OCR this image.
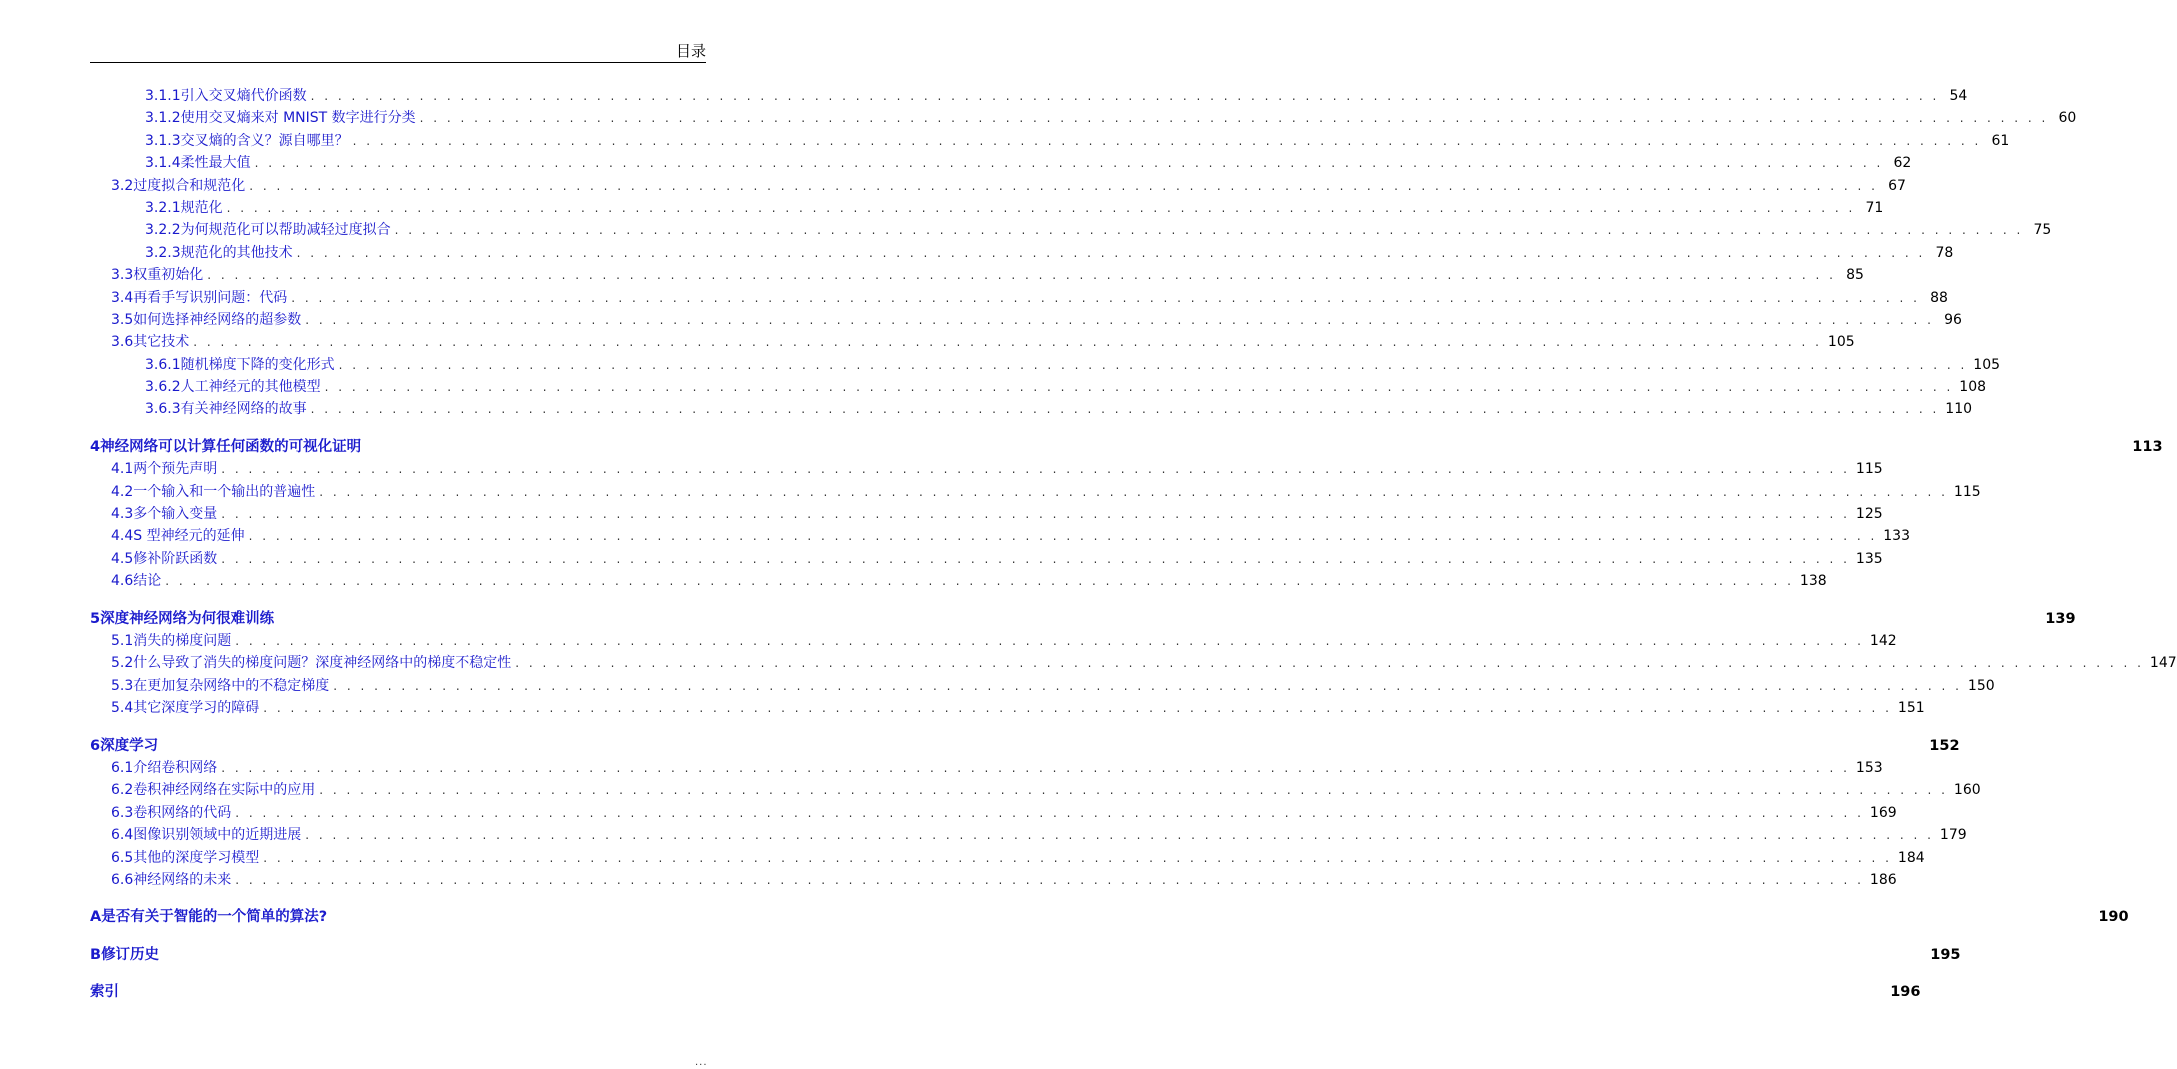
目录
3.1.1 引入交叉熵代价函数 . . . . . . . . . . . . . . . . . . . . . . . . . . . . . . . . . . . . . . . . . . . . . . . . . . . . . . . . . . . . . . . . . . . . . . . . . . . . . . . . . . . . . . . . . . . . . . . . . . . . . . . . . . . . . . . . . . . . . . . . 54
3.1.2 使用交叉熵来对 MNIST 数字进行分类 . . . . . . . . . . . . . . . . . . . . . . . . . . . . . . . . . . . . . . . . . . . . . . . . . . . . . . . . . . . . . . . . . . . . . . . . . . . . . . . . . . . . . . . . . . . . . . . . . . . . . . . . . . . . . . . . . . . . . . . . 60
3.1.3 交叉熵的含义？源自哪里？ . . . . . . . . . . . . . . . . . . . . . . . . . . . . . . . . . . . . . . . . . . . . . . . . . . . . . . . . . . . . . . . . . . . . . . . . . . . . . . . . . . . . . . . . . . . . . . . . . . . . . . . . . . . . . . . . . . . . . . . . 61
3.1.4 柔性最大值 . . . . . . . . . . . . . . . . . . . . . . . . . . . . . . . . . . . . . . . . . . . . . . . . . . . . . . . . . . . . . . . . . . . . . . . . . . . . . . . . . . . . . . . . . . . . . . . . . . . . . . . . . . . . . . . . . . . . . . . . 62
3.2 过度拟合和规范化 . . . . . . . . . . . . . . . . . . . . . . . . . . . . . . . . . . . . . . . . . . . . . . . . . . . . . . . . . . . . . . . . . . . . . . . . . . . . . . . . . . . . . . . . . . . . . . . . . . . . . . . . . . . . . . . . . . . . . . . . 67
3.2.1 规范化 . . . . . . . . . . . . . . . . . . . . . . . . . . . . . . . . . . . . . . . . . . . . . . . . . . . . . . . . . . . . . . . . . . . . . . . . . . . . . . . . . . . . . . . . . . . . . . . . . . . . . . . . . . . . . . . . . . . . . . . . 71
3.2.2 为何规范化可以帮助减轻过度拟合 . . . . . . . . . . . . . . . . . . . . . . . . . . . . . . . . . . . . . . . . . . . . . . . . . . . . . . . . . . . . . . . . . . . . . . . . . . . . . . . . . . . . . . . . . . . . . . . . . . . . . . . . . . . . . . . . . . . . . . . . 75
3.2.3 规范化的其他技术 . . . . . . . . . . . . . . . . . . . . . . . . . . . . . . . . . . . . . . . . . . . . . . . . . . . . . . . . . . . . . . . . . . . . . . . . . . . . . . . . . . . . . . . . . . . . . . . . . . . . . . . . . . . . . . . . . . . . . . . . 78
3.3 权重初始化 . . . . . . . . . . . . . . . . . . . . . . . . . . . . . . . . . . . . . . . . . . . . . . . . . . . . . . . . . . . . . . . . . . . . . . . . . . . . . . . . . . . . . . . . . . . . . . . . . . . . . . . . . . . . . . . . . . . . . . . . 85
3.4 再看手写识别问题：代码 . . . . . . . . . . . . . . . . . . . . . . . . . . . . . . . . . . . . . . . . . . . . . . . . . . . . . . . . . . . . . . . . . . . . . . . . . . . . . . . . . . . . . . . . . . . . . . . . . . . . . . . . . . . . . . . . . . . . . . . . 88
3.5 如何选择神经网络的超参数 . . . . . . . . . . . . . . . . . . . . . . . . . . . . . . . . . . . . . . . . . . . . . . . . . . . . . . . . . . . . . . . . . . . . . . . . . . . . . . . . . . . . . . . . . . . . . . . . . . . . . . . . . . . . . . . . . . . . . . . . 96
3.6 其它技术 . . . . . . . . . . . . . . . . . . . . . . . . . . . . . . . . . . . . . . . . . . . . . . . . . . . . . . . . . . . . . . . . . . . . . . . . . . . . . . . . . . . . . . . . . . . . . . . . . . . . . . . . . . . . . . . . . . . . . . . . 105
3.6.1 随机梯度下降的变化形式 . . . . . . . . . . . . . . . . . . . . . . . . . . . . . . . . . . . . . . . . . . . . . . . . . . . . . . . . . . . . . . . . . . . . . . . . . . . . . . . . . . . . . . . . . . . . . . . . . . . . . . . . . . . . . . . . . . . . . . . . 105
3.6.2 人工神经元的其他模型 . . . . . . . . . . . . . . . . . . . . . . . . . . . . . . . . . . . . . . . . . . . . . . . . . . . . . . . . . . . . . . . . . . . . . . . . . . . . . . . . . . . . . . . . . . . . . . . . . . . . . . . . . . . . . . . . . . . . . . . . 108
3.6.3 有关神经网络的故事 . . . . . . . . . . . . . . . . . . . . . . . . . . . . . . . . . . . . . . . . . . . . . . . . . . . . . . . . . . . . . . . . . . . . . . . . . . . . . . . . . . . . . . . . . . . . . . . . . . . . . . . . . . . . . . . . . . . . . . . . 110
4 神经网络可以计算任何函数的可视化证明	113
4.1 两个预先声明 . . . . . . . . . . . . . . . . . . . . . . . . . . . . . . . . . . . . . . . . . . . . . . . . . . . . . . . . . . . . . . . . . . . . . . . . . . . . . . . . . . . . . . . . . . . . . . . . . . . . . . . . . . . . . . . . . . . . . . . . 115
4.2 一个输入和一个输出的普遍性 . . . . . . . . . . . . . . . . . . . . . . . . . . . . . . . . . . . . . . . . . . . . . . . . . . . . . . . . . . . . . . . . . . . . . . . . . . . . . . . . . . . . . . . . . . . . . . . . . . . . . . . . . . . . . . . . . . . . . . . . 115
4.3 多个输入变量 . . . . . . . . . . . . . . . . . . . . . . . . . . . . . . . . . . . . . . . . . . . . . . . . . . . . . . . . . . . . . . . . . . . . . . . . . . . . . . . . . . . . . . . . . . . . . . . . . . . . . . . . . . . . . . . . . . . . . . . . 125
4.4 S 型神经元的延伸 . . . . . . . . . . . . . . . . . . . . . . . . . . . . . . . . . . . . . . . . . . . . . . . . . . . . . . . . . . . . . . . . . . . . . . . . . . . . . . . . . . . . . . . . . . . . . . . . . . . . . . . . . . . . . . . . . . . . . . . . 133
4.5 修补阶跃函数 . . . . . . . . . . . . . . . . . . . . . . . . . . . . . . . . . . . . . . . . . . . . . . . . . . . . . . . . . . . . . . . . . . . . . . . . . . . . . . . . . . . . . . . . . . . . . . . . . . . . . . . . . . . . . . . . . . . . . . . . 135
4.6 结论 . . . . . . . . . . . . . . . . . . . . . . . . . . . . . . . . . . . . . . . . . . . . . . . . . . . . . . . . . . . . . . . . . . . . . . . . . . . . . . . . . . . . . . . . . . . . . . . . . . . . . . . . . . . . . . . . . . . . . . . . 138
5 深度神经网络为何很难训练	139
5.1 消失的梯度问题 . . . . . . . . . . . . . . . . . . . . . . . . . . . . . . . . . . . . . . . . . . . . . . . . . . . . . . . . . . . . . . . . . . . . . . . . . . . . . . . . . . . . . . . . . . . . . . . . . . . . . . . . . . . . . . . . . . . . . . . . 142
5.2 什么导致了消失的梯度问题？深度神经网络中的梯度不稳定性 . . . . . . . . . . . . . . . . . . . . . . . . . . . . . . . . . . . . . . . . . . . . . . . . . . . . . . . . . . . . . . . . . . . . . . . . . . . . . . . . . . . . . . . . . . . . . . . . . . . . . . . . . . . . . . . . . . . . . . . . 147
5.3 在更加复杂网络中的不稳定梯度 . . . . . . . . . . . . . . . . . . . . . . . . . . . . . . . . . . . . . . . . . . . . . . . . . . . . . . . . . . . . . . . . . . . . . . . . . . . . . . . . . . . . . . . . . . . . . . . . . . . . . . . . . . . . . . . . . . . . . . . . 150
5.4 其它深度学习的障碍 . . . . . . . . . . . . . . . . . . . . . . . . . . . . . . . . . . . . . . . . . . . . . . . . . . . . . . . . . . . . . . . . . . . . . . . . . . . . . . . . . . . . . . . . . . . . . . . . . . . . . . . . . . . . . . . . . . . . . . . . 151
6 深度学习	152
6.1 介绍卷积网络 . . . . . . . . . . . . . . . . . . . . . . . . . . . . . . . . . . . . . . . . . . . . . . . . . . . . . . . . . . . . . . . . . . . . . . . . . . . . . . . . . . . . . . . . . . . . . . . . . . . . . . . . . . . . . . . . . . . . . . . . 153
6.2 卷积神经网络在实际中的应用 . . . . . . . . . . . . . . . . . . . . . . . . . . . . . . . . . . . . . . . . . . . . . . . . . . . . . . . . . . . . . . . . . . . . . . . . . . . . . . . . . . . . . . . . . . . . . . . . . . . . . . . . . . . . . . . . . . . . . . . . 160
6.3 卷积网络的代码 . . . . . . . . . . . . . . . . . . . . . . . . . . . . . . . . . . . . . . . . . . . . . . . . . . . . . . . . . . . . . . . . . . . . . . . . . . . . . . . . . . . . . . . . . . . . . . . . . . . . . . . . . . . . . . . . . . . . . . . . 169
6.4 图像识别领域中的近期进展 . . . . . . . . . . . . . . . . . . . . . . . . . . . . . . . . . . . . . . . . . . . . . . . . . . . . . . . . . . . . . . . . . . . . . . . . . . . . . . . . . . . . . . . . . . . . . . . . . . . . . . . . . . . . . . . . . . . . . . . . 179
6.5 其他的深度学习模型 . . . . . . . . . . . . . . . . . . . . . . . . . . . . . . . . . . . . . . . . . . . . . . . . . . . . . . . . . . . . . . . . . . . . . . . . . . . . . . . . . . . . . . . . . . . . . . . . . . . . . . . . . . . . . . . . . . . . . . . . 184
6.6 神经网络的未来 . . . . . . . . . . . . . . . . . . . . . . . . . . . . . . . . . . . . . . . . . . . . . . . . . . . . . . . . . . . . . . . . . . . . . . . . . . . . . . . . . . . . . . . . . . . . . . . . . . . . . . . . . . . . . . . . . . . . . . . . 186
A 是否有关于智能的一个简单的算法?	190
B 修订历史	195
索引	196
...
